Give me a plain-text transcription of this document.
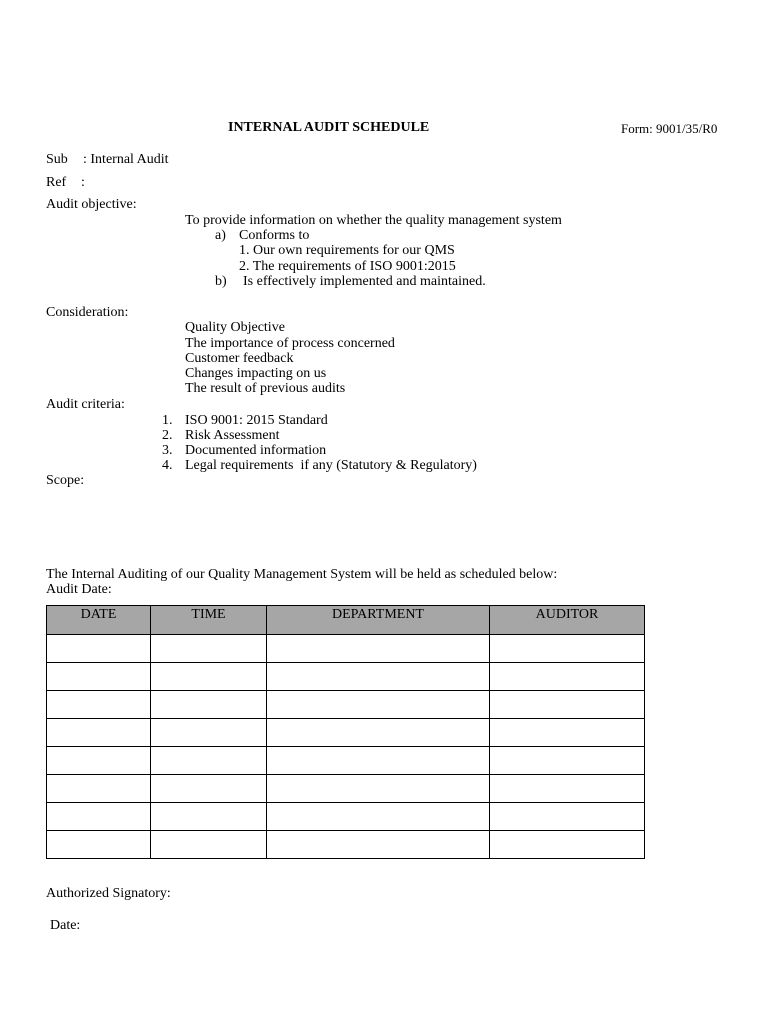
INTERNAL AUDIT SCHEDULE	Form: 9001/35/R0
Sub : Internal Audit
Ref :
Audit objective:
To provide information on whether the quality management system
a) Conforms to
1. Our own requirements for our QMS
2. The requirements of ISO 9001:2015
b) Is effectively implemented and maintained.
Consideration:
Quality Objective
The importance of process concerned
Customer feedback
Changes impacting on us
The result of previous audits
Audit criteria:
1. ISO 9001: 2015 Standard
2. Risk Assessment
3. Documented information
4. Legal requirements  if any (Statutory & Regulatory)
Scope:
The Internal Auditing of our Quality Management System will be held as scheduled below:
Audit Date:
DATE	TIME	DEPARTMENT	AUDITOR

Authorized Signatory:
Date:
